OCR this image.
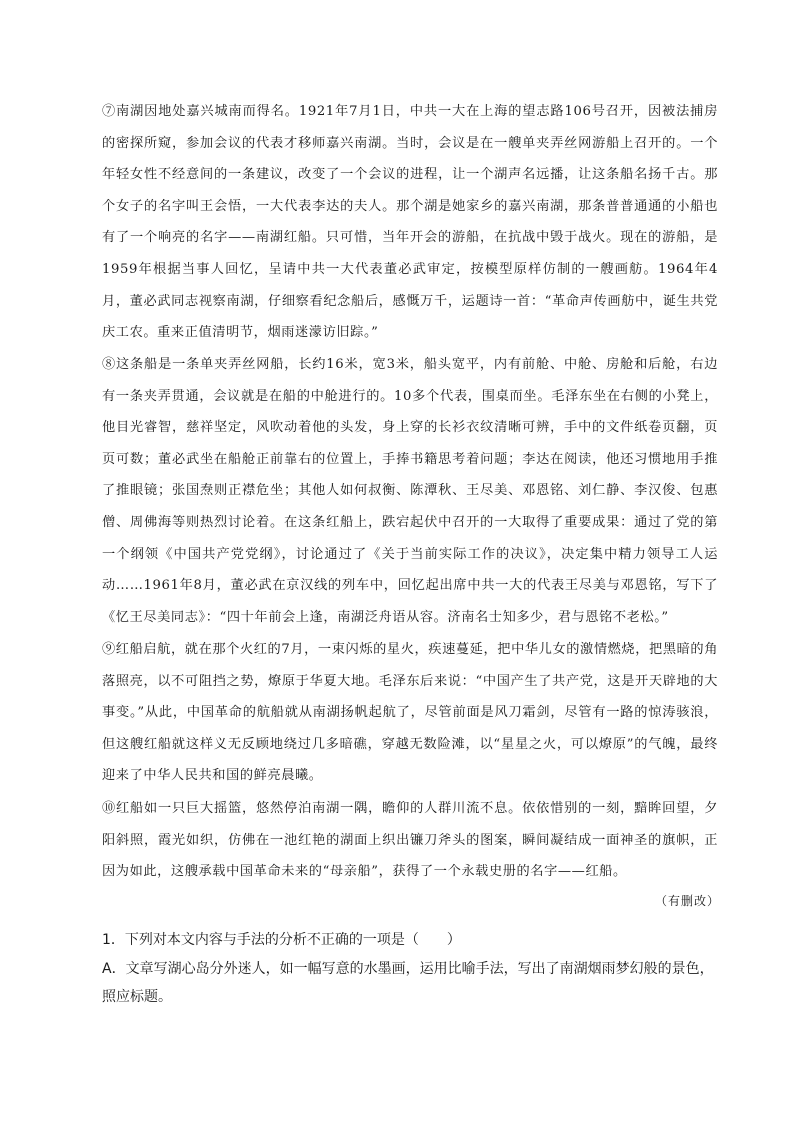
⑦南湖因地处嘉兴城南而得名。1921年7月1日，中共一大在上海的望志路106号召开，因被法捕房的密探所窥，参加会议的代表才移师嘉兴南湖。当时，会议是在一艘单夹弄丝网游船上召开的。一个年轻女性不经意间的一条建议，改变了一个会议的进程，让一个湖声名远播，让这条船名扬千古。那个女子的名字叫王会悟，一大代表李达的夫人。那个湖是她家乡的嘉兴南湖，那条普普通通的小船也有了一个响亮的名字——南湖红船。只可惜，当年开会的游船，在抗战中毁于战火。现在的游船，是1959年根据当事人回忆，呈请中共一大代表董必武审定，按模型原样仿制的一艘画舫。1964年4月，董必武同志视察南湖，仔细察看纪念船后，感慨万千，运题诗一首：“革命声传画舫中，诞生共党庆工农。重来正值清明节，烟雨迷濛访旧踪。”

⑧这条船是一条单夹弄丝网船，长约16米，宽3米，船头宽平，内有前舱、中舱、房舱和后舱，右边有一条夹弄贯通，会议就是在船的中舱进行的。10多个代表，围桌而坐。毛泽东坐在右侧的小凳上，他目光睿智，慈祥坚定，风吹动着他的头发，身上穿的长衫衣纹清晰可辨，手中的文件纸卷页翻，页页可数；董必武坐在船舱正前靠右的位置上，手捧书籍思考着问题；李达在阅读，他还习惯地用手推了推眼镜；张国焘则正襟危坐；其他人如何叔衡、陈潭秋、王尽美、邓恩铭、刘仁静、李汉俊、包惠僧、周佛海等则热烈讨论着。在这条红船上，跌宕起伏中召开的一大取得了重要成果：通过了党的第一个纲领《中国共产党党纲》，讨论通过了《关于当前实际工作的决议》，决定集中精力领导工人运动……1961年8月，董必武在京汉线的列车中，回忆起出席中共一大的代表王尽美与邓恩铭，写下了《忆王尽美同志》：“四十年前会上逢，南湖泛舟语从容。济南名士知多少，君与恩铭不老松。”

⑨红船启航，就在那个火红的7月，一束闪烁的星火，疾速蔓延，把中华儿女的激情燃烧，把黑暗的角落照亮，以不可阻挡之势，燎原于华夏大地。毛泽东后来说：“中国产生了共产党，这是开天辟地的大事变。”从此，中国革命的航船就从南湖扬帆起航了，尽管前面是风刀霜剑，尽管有一路的惊涛骇浪，但这艘红船就这样义无反顾地绕过几多暗礁，穿越无数险滩，以“星星之火，可以燎原”的气魄，最终迎来了中华人民共和国的鲜亮晨曦。

⑩红船如一只巨大摇篮，悠然停泊南湖一隅，瞻仰的人群川流不息。依依惜别的一刻，黯眸回望，夕阳斜照，霞光如织，仿佛在一池红艳的湖面上织出镰刀斧头的图案，瞬间凝结成一面神圣的旗帜，正因为如此，这艘承载中国革命未来的“母亲船”，获得了一个永载史册的名字——红船。

（有删改）

1．下列对本文内容与手法的分析不正确的一项是（　　）

A．文章写湖心岛分外迷人，如一幅写意的水墨画，运用比喻手法，写出了南湖烟雨梦幻般的景色，照应标题。
